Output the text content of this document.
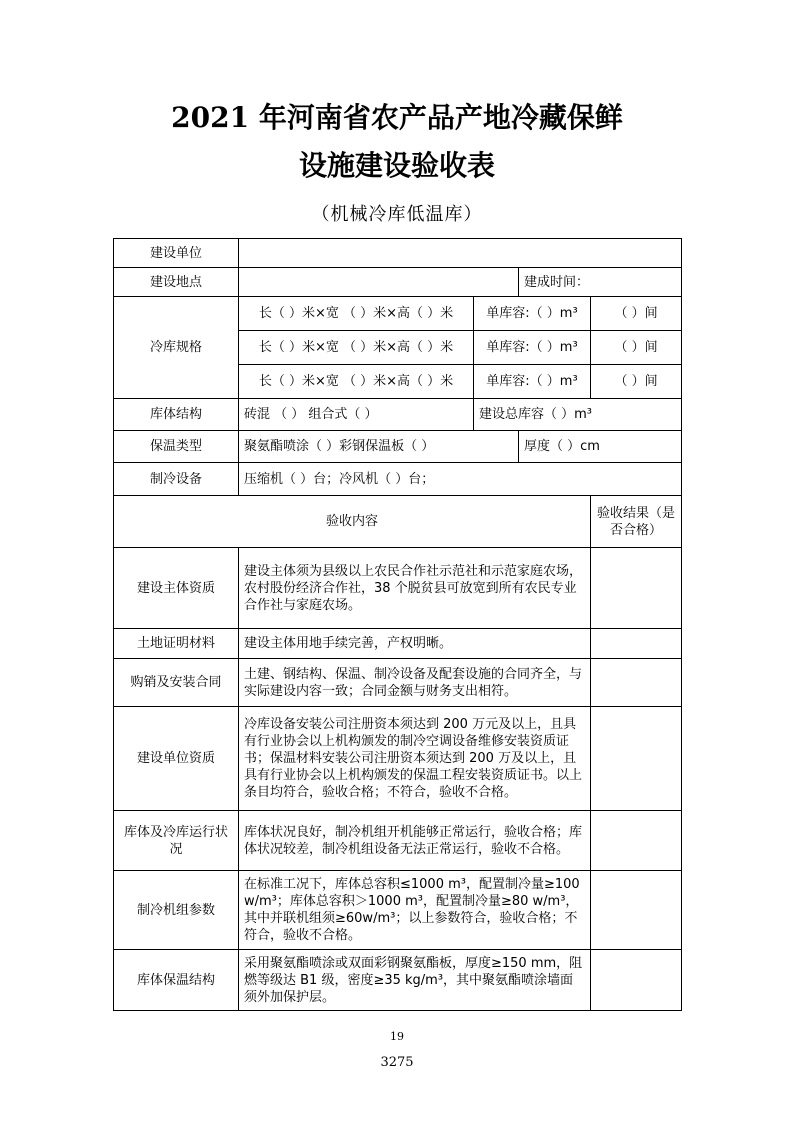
2021 年河南省农产品产地冷藏保鲜
设施建设验收表
（机械冷库低温库）
建设单位				
建设地点			建成时间：	
冷库规格	长（ ）米×宽 （ ）米×高（ ）米	单库容:（ ）m³		（ ）间
	长（ ）米×宽 （ ）米×高（ ）米	单库容:（ ）m³		（ ）间
	长（ ）米×宽 （ ）米×高（ ）米	单库容:（ ）m³		（ ）间
库体结构	砖混 （ ） 组合式（ ）	建设总库容（ ）m³		
保温类型	聚氨酯喷涂（ ）彩钢保温板（ ）		厚度（ ）cm	
制冷设备	压缩机（ ）台；冷风机（ ）台；			
验收内容				验收结果（是否合格）
建设主体资质	建设主体须为县级以上农民合作社示范社和示范家庭农场，农村股份经济合作社，38 个脱贫县可放宽到所有农民专业合作社与家庭农场。			
土地证明材料	建设主体用地手续完善，产权明晰。			
购销及安装合同	土建、钢结构、保温、制冷设备及配套设施的合同齐全，与实际建设内容一致；合同金额与财务支出相符。			
建设单位资质	冷库设备安装公司注册资本须达到 200 万元及以上，且具有行业协会以上机构颁发的制冷空调设备维修安装资质证书；保温材料安装公司注册资本须达到 200 万及以上，且具有行业协会以上机构颁发的保温工程安装资质证书。以上条目均符合，验收合格；不符合，验收不合格。			
库体及冷库运行状况	库体状况良好，制冷机组开机能够正常运行，验收合格；库体状况较差，制冷机组设备无法正常运行，验收不合格。			
制冷机组参数	在标准工况下，库体总容积≤1000 m³，配置制冷量≥100 w/m³；库体总容积＞1000 m³，配置制冷量≥80 w/m³，其中并联机组须≥60w/m³；以上参数符合，验收合格；不符合，验收不合格。			
库体保温结构	采用聚氨酯喷涂或双面彩钢聚氨酯板，厚度≥150 mm，阻燃等级达 B1 级，密度≥35 kg/m³，其中聚氨酯喷涂墙面须外加保护层。			
19
3275
